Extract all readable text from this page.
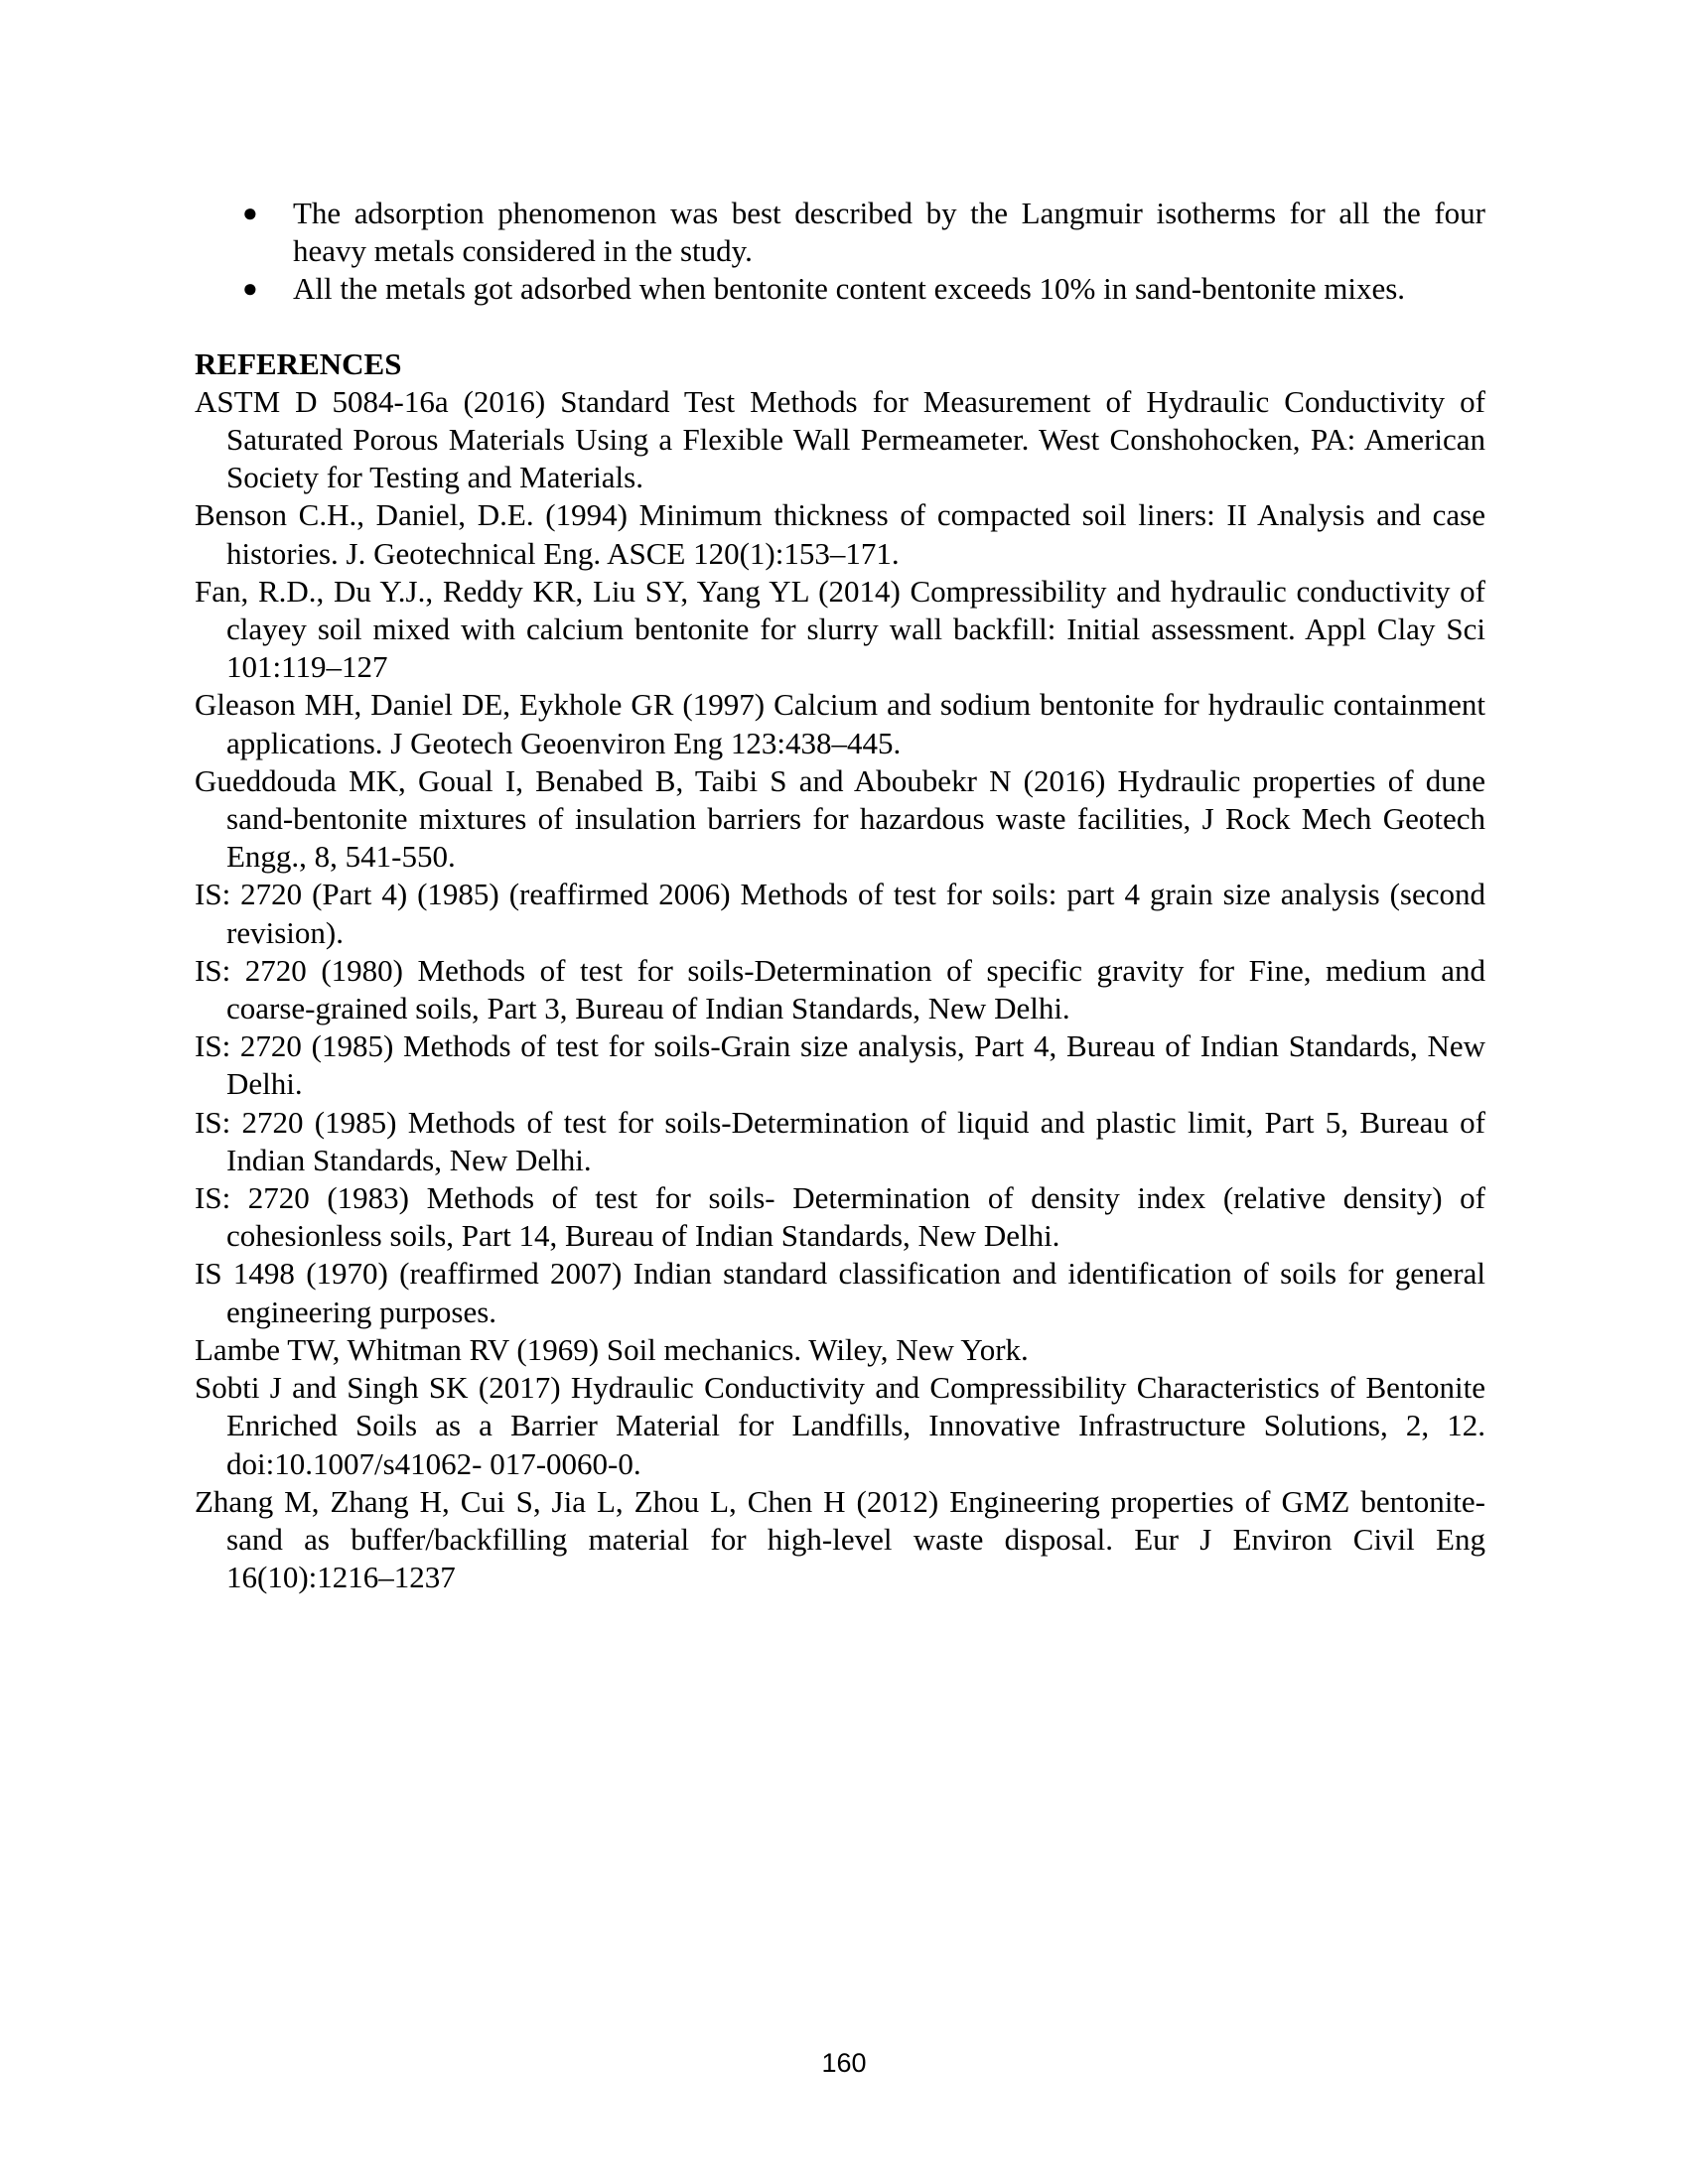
● The adsorption phenomenon was best described by the Langmuir isotherms for all the four heavy metals considered in the study.
● All the metals got adsorbed when bentonite content exceeds 10% in sand-bentonite mixes.
REFERENCES

ASTM D 5084-16a (2016) Standard Test Methods for Measurement of Hydraulic Conductivity of Saturated Porous Materials Using a Flexible Wall Permeameter. West Conshohocken, PA: American Society for Testing and Materials.

Benson C.H., Daniel, D.E. (1994) Minimum thickness of compacted soil liners: II Analysis and case histories. J. Geotechnical Eng. ASCE 120(1):153–171.

Fan, R.D., Du Y.J., Reddy KR, Liu SY, Yang YL (2014) Compressibility and hydraulic conductivity of clayey soil mixed with calcium bentonite for slurry wall backfill: Initial assessment. Appl Clay Sci 101:119–127

Gleason MH, Daniel DE, Eykhole GR (1997) Calcium and sodium bentonite for hydraulic containment applications. J Geotech Geoenviron Eng 123:438–445.

Gueddouda MK, Goual I, Benabed B, Taibi S and Aboubekr N (2016) Hydraulic properties of dune sand-bentonite mixtures of insulation barriers for hazardous waste facilities, J Rock Mech Geotech Engg., 8, 541-550.

IS: 2720 (Part 4) (1985) (reaffirmed 2006) Methods of test for soils: part 4 grain size analysis (second revision).

IS: 2720 (1980) Methods of test for soils-Determination of specific gravity for Fine, medium and coarse-grained soils, Part 3, Bureau of Indian Standards, New Delhi.

IS: 2720 (1985) Methods of test for soils-Grain size analysis, Part 4, Bureau of Indian Standards, New Delhi.

IS: 2720 (1985) Methods of test for soils-Determination of liquid and plastic limit, Part 5, Bureau of Indian Standards, New Delhi.

IS: 2720 (1983) Methods of test for soils- Determination of density index (relative density) of cohesionless soils, Part 14, Bureau of Indian Standards, New Delhi.

IS 1498 (1970) (reaffirmed 2007) Indian standard classification and identification of soils for general engineering purposes.

Lambe TW, Whitman RV (1969) Soil mechanics. Wiley, New York.

Sobti J and Singh SK (2017) Hydraulic Conductivity and Compressibility Characteristics of Bentonite Enriched Soils as a Barrier Material for Landfills, Innovative Infrastructure Solutions, 2, 12. doi:10.1007/s41062- 017-0060-0.

Zhang M, Zhang H, Cui S, Jia L, Zhou L, Chen H (2012) Engineering properties of GMZ bentonite-sand as buffer/backfilling material for high-level waste disposal. Eur J Environ Civil Eng 16(10):1216–1237

160
